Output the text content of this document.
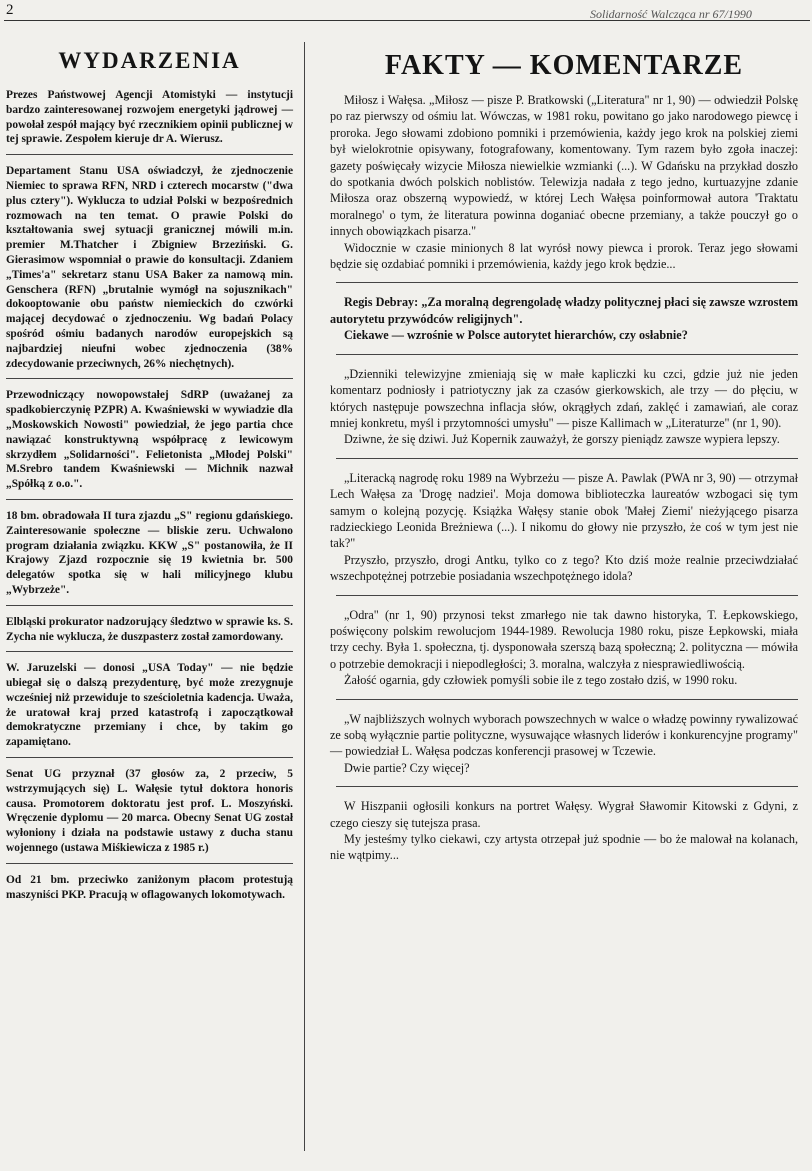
2	Solidarność Walcząca nr 67/1990
WYDARZENIA

Prezes Państwowej Agencji Atomistyki — instytucji bardzo zainteresowanej rozwojem energetyki jądrowej — powołał zespół mający być rzecznikiem opinii publicznej w tej sprawie. Zespołem kieruje dr A. Wierusz.

Departament Stanu USA oświadczył, że zjednoczenie Niemiec to sprawa RFN, NRD i czterech mocarstw ("dwa plus cztery"). Wyklucza to udział Polski w bezpośrednich rozmowach na ten temat. O prawie Polski do kształtowania swej sytuacji granicznej mówili m.in. premier M.Thatcher i Zbigniew Brzeziński. G. Gierasimow wspomniał o prawie do konsultacji. Zdaniem „Times'a" sekretarz stanu USA Baker za namową min. Genschera (RFN) „brutalnie wymógł na sojusznikach" dokooptowanie obu państw niemieckich do czwórki mającej decydować o zjednoczeniu. Wg badań Polacy spośród ośmiu badanych narodów europejskich są najbardziej nieufni wobec zjednoczenia (38% zdecydowanie przeciwnych, 26% niechętnych).

Przewodniczący nowopowstałej SdRP (uważanej za spadkobierczynię PZPR) A. Kwaśniewski w wywiadzie dla „Moskowskich Nowosti" powiedział, że jego partia chce nawiązać konstruktywną współpracę z lewicowym skrzydłem „Solidarności". Felietonista „Młodej Polski" M.Srebro tandem Kwaśniewski — Michnik nazwał „Spółką z o.o.".

18 bm. obradowała II tura zjazdu „S" regionu gdańskiego. Zainteresowanie społeczne — bliskie zeru. Uchwalono program działania związku. KKW „S" postanowiła, że II Krajowy Zjazd rozpocznie się 19 kwietnia br. 500 delegatów spotka się w hali milicyjnego klubu „Wybrzeże".

Elbląski prokurator nadzorujący śledztwo w sprawie ks. S. Zycha nie wyklucza, że duszpasterz został zamordowany.

W. Jaruzelski — donosi „USA Today" — nie będzie ubiegał się o dalszą prezydenturę, być może zrezygnuje wcześniej niż przewiduje to sześcioletnia kadencja. Uważa, że uratował kraj przed katastrofą i zapoczątkował demokratyczne przemiany i chce, by takim go zapamiętano.

Senat UG przyznał (37 głosów za, 2 przeciw, 5 wstrzymujących się) L. Wałęsie tytuł doktora honoris causa. Promotorem doktoratu jest prof. L. Moszyński. Wręczenie dyplomu — 20 marca. Obecny Senat UG został wyłoniony i działa na podstawie ustawy z ducha stanu wojennego (ustawa Miśkiewicza z 1985 r.)

Od 21 bm. przeciwko zaniżonym płacom protestują maszyniści PKP. Pracują w oflagowanych lokomotywach.

FAKTY — KOMENTARZE

Miłosz i Wałęsa. „Miłosz — pisze P. Bratkowski („Literatura" nr 1, 90) — odwiedził Polskę po raz pierwszy od ośmiu lat. Wówczas, w 1981 roku, powitano go jako narodowego piewcę i proroka. Jego słowami zdobiono pomniki i przemówienia, każdy jego krok na polskiej ziemi był wielokrotnie opisywany, fotografowany, komentowany. Tym razem było zgoła inaczej: gazety poświęcały wizycie Miłosza niewielkie wzmianki (...). W Gdańsku na przykład doszło do spotkania dwóch polskich noblistów. Telewizja nadała z tego jedno, kurtuazyjne zdanie Miłosza oraz obszerną wypowiedź, w której Lech Wałęsa poinformował autora 'Traktatu moralnego' o tym, że literatura powinna doganiać obecne przemiany, a także pouczył go o innych obowiązkach pisarza."

Widocznie w czasie minionych 8 lat wyrósł nowy piewca i prorok. Teraz jego słowami będzie się ozdabiać pomniki i przemówienia, każdy jego krok będzie...

Regis Debray: „Za moralną degrengoladę władzy politycznej płaci się zawsze wzrostem autorytetu przywódców religijnych".

Ciekawe — wzrośnie w Polsce autorytet hierarchów, czy osłabnie?

„Dzienniki telewizyjne zmieniają się w małe kapliczki ku czci, gdzie już nie jeden komentarz podniosły i patriotyczny jak za czasów gierkowskich, ale trzy — do płęciu, w których następuje powszechna inflacja słów, okrągłych zdań, zaklęć i zamawiań, ale coraz mniej konkretu, myśl i przytomności umysłu" — pisze Kallimach w „Literaturze" (nr 1, 90).

Dziwne, że się dziwi. Już Kopernik zauważył, że gorszy pieniądz zawsze wypiera lepszy.

„Literacką nagrodę roku 1989 na Wybrzeżu — pisze A. Pawlak (PWA nr 3, 90) — otrzymał Lech Wałęsa za 'Drogę nadziei'. Moja domowa biblioteczka laureatów wzbogaci się tym samym o kolejną pozycję. Książka Wałęsy stanie obok 'Małej Ziemi' nieżyjącego pisarza radzieckiego Leonida Breżniewa (...). I nikomu do głowy nie przyszło, że coś w tym jest nie tak?"

Przyszło, przyszło, drogi Antku, tylko co z tego? Kto dziś może realnie przeciwdziałać wszechpotężnej potrzebie posiadania wszechpotężnego idola?

„Odra" (nr 1, 90) przynosi tekst zmarłego nie tak dawno historyka, T. Łepkowskiego, poświęcony polskim rewolucjom 1944-1989. Rewolucja 1980 roku, pisze Łepkowski, miała trzy cechy. Była 1. społeczna, tj. dysponowała szerszą bazą społeczną; 2. polityczna — mówiła o potrzebie demokracji i niepodległości; 3. moralna, walczyła z niesprawiedliwością.

Żałość ogarnia, gdy człowiek pomyśli sobie ile z tego zostało dziś, w 1990 roku.

„W najbliższych wolnych wyborach powszechnych w walce o władzę powinny rywalizować ze sobą wyłącznie partie polityczne, wysuwające własnych liderów i konkurencyjne programy" — powiedział L. Wałęsa podczas konferencji prasowej w Tczewie.

Dwie partie? Czy więcej?

W Hiszpanii ogłosili konkurs na portret Wałęsy. Wygrał Sławomir Kitowski z Gdyni, z czego cieszy się tutejsza prasa.

My jesteśmy tylko ciekawi, czy artysta otrzepał już spodnie — bo że malował na kolanach, nie wątpimy...
